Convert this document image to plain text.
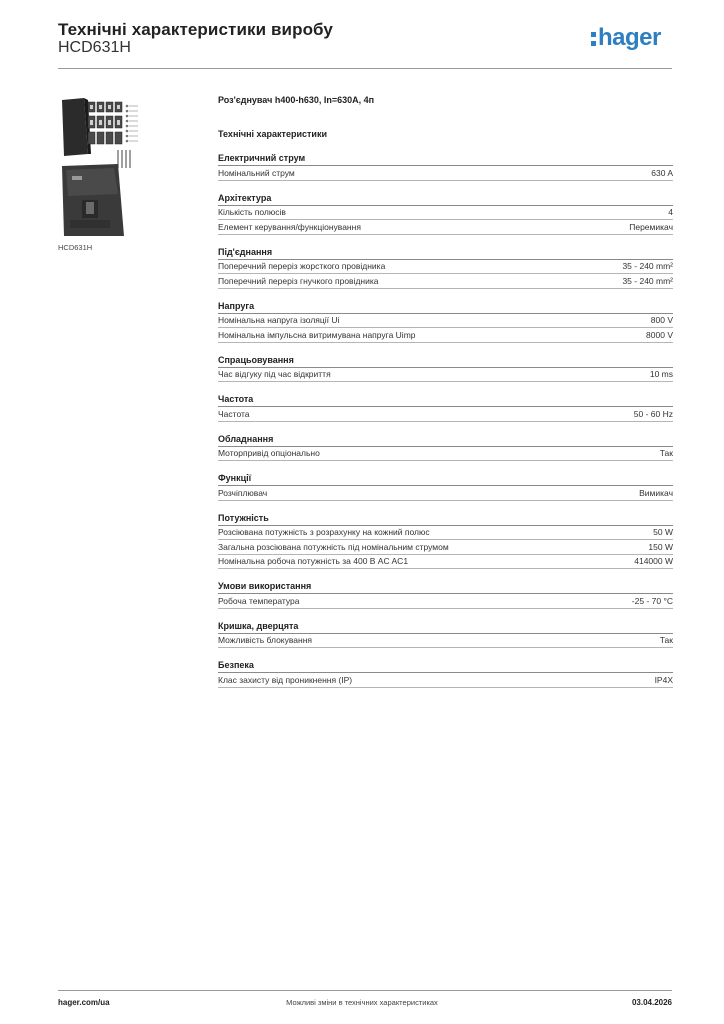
Технічні характеристики виробу
HCD631H	hager
HCD631H
Роз'єднувач h400-h630, In=630A, 4п
Технічні характеристики
Електричний струм
Номінальний струм	630 A
Архітектура
Кількість полюсів	4
Елемент керування/функціонування	Перемикач
Під'єднання
Поперечний переріз жорсткого провідника	35 - 240 mm²
Поперечний переріз гнучкого провідника	35 - 240 mm²
Напруга
Номінальна напруга ізоляції Ui	800 V
Номінальна імпульсна витримувана напруга Uimp	8000 V
Спрацьовування
Час відгуку під час відкриття	10 ms
Частота
Частота	50 - 60 Hz
Обладнання
Моторпривід опціонально	Так
Функції
Розчіплювач	Вимикач
Потужність
Розсіювана потужність з розрахунку на кожний полюс	50 W
Загальна розсіювана потужність під номінальним струмом	150 W
Номінальна робоча потужність за 400 В AC AC1	414000 W
Умови використання
Робоча температура	-25 - 70 °C
Кришка, дверцята
Можливість блокування	Так
Безпека
Клас захисту від проникнення (IP)	IP4X
hager.com/ua	Можливі зміни в технічних характеристиках	03.04.2026
